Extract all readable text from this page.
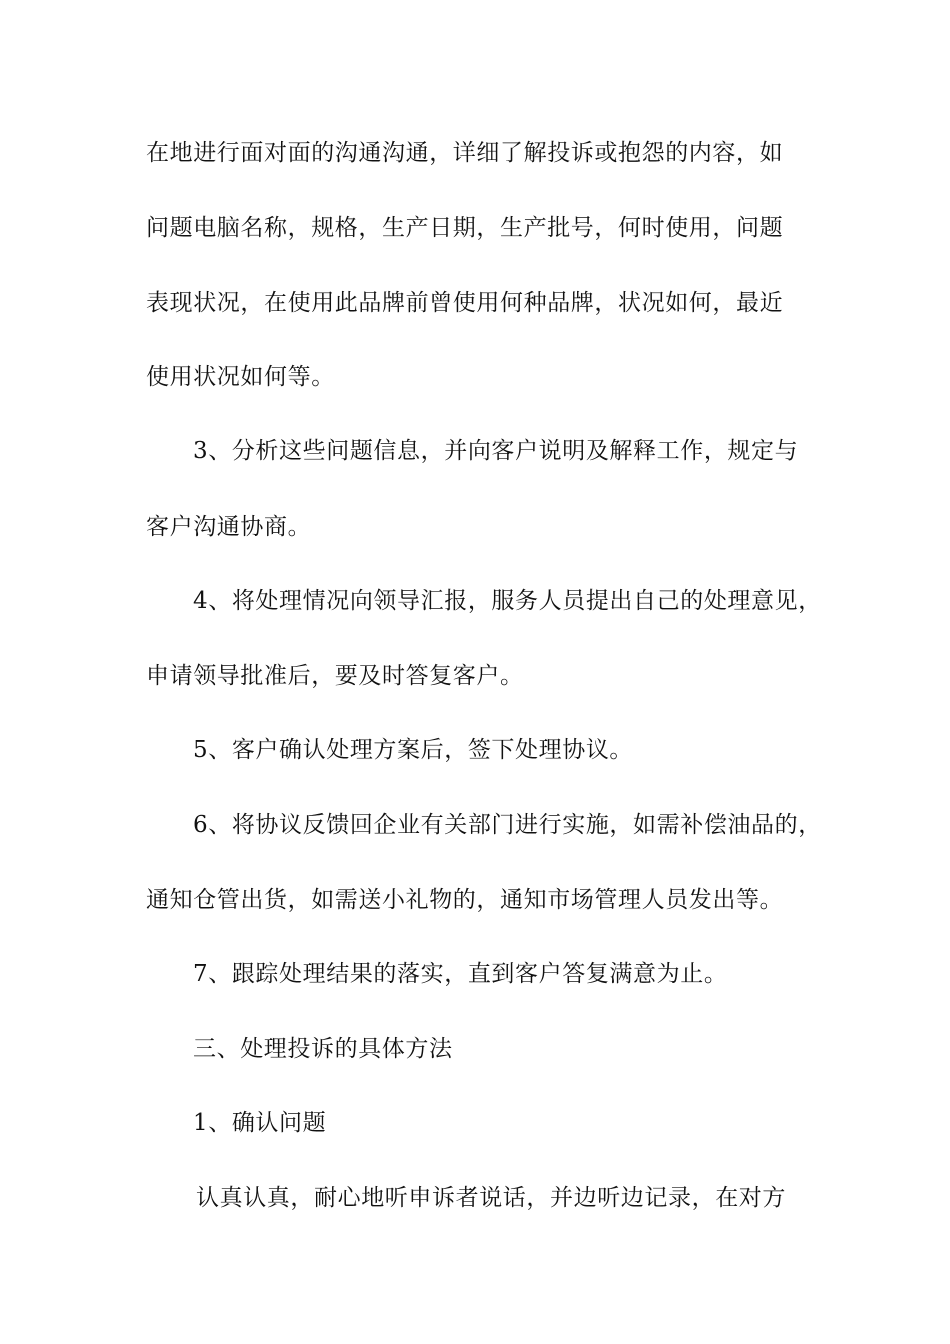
在地进行面对面的沟通沟通，详细了解投诉或抱怨的内容，如
问题电脑名称，规格，生产日期，生产批号，何时使用，问题
表现状况，在使用此品牌前曾使用何种品牌，状况如何，最近
使用状况如何等。
3、分析这些问题信息，并向客户说明及解释工作，规定与
客户沟通协商。
4、将处理情况向领导汇报，服务人员提出自己的处理意见，
申请领导批准后，要及时答复客户。
5、客户确认处理方案后，签下处理协议。
6、将协议反馈回企业有关部门进行实施，如需补偿油品的，
通知仓管出货，如需送小礼物的，通知市场管理人员发出等。
7、跟踪处理结果的落实，直到客户答复满意为止。
三、处理投诉的具体方法
1、确认问题
认真认真，耐心地听申诉者说话，并边听边记录，在对方
